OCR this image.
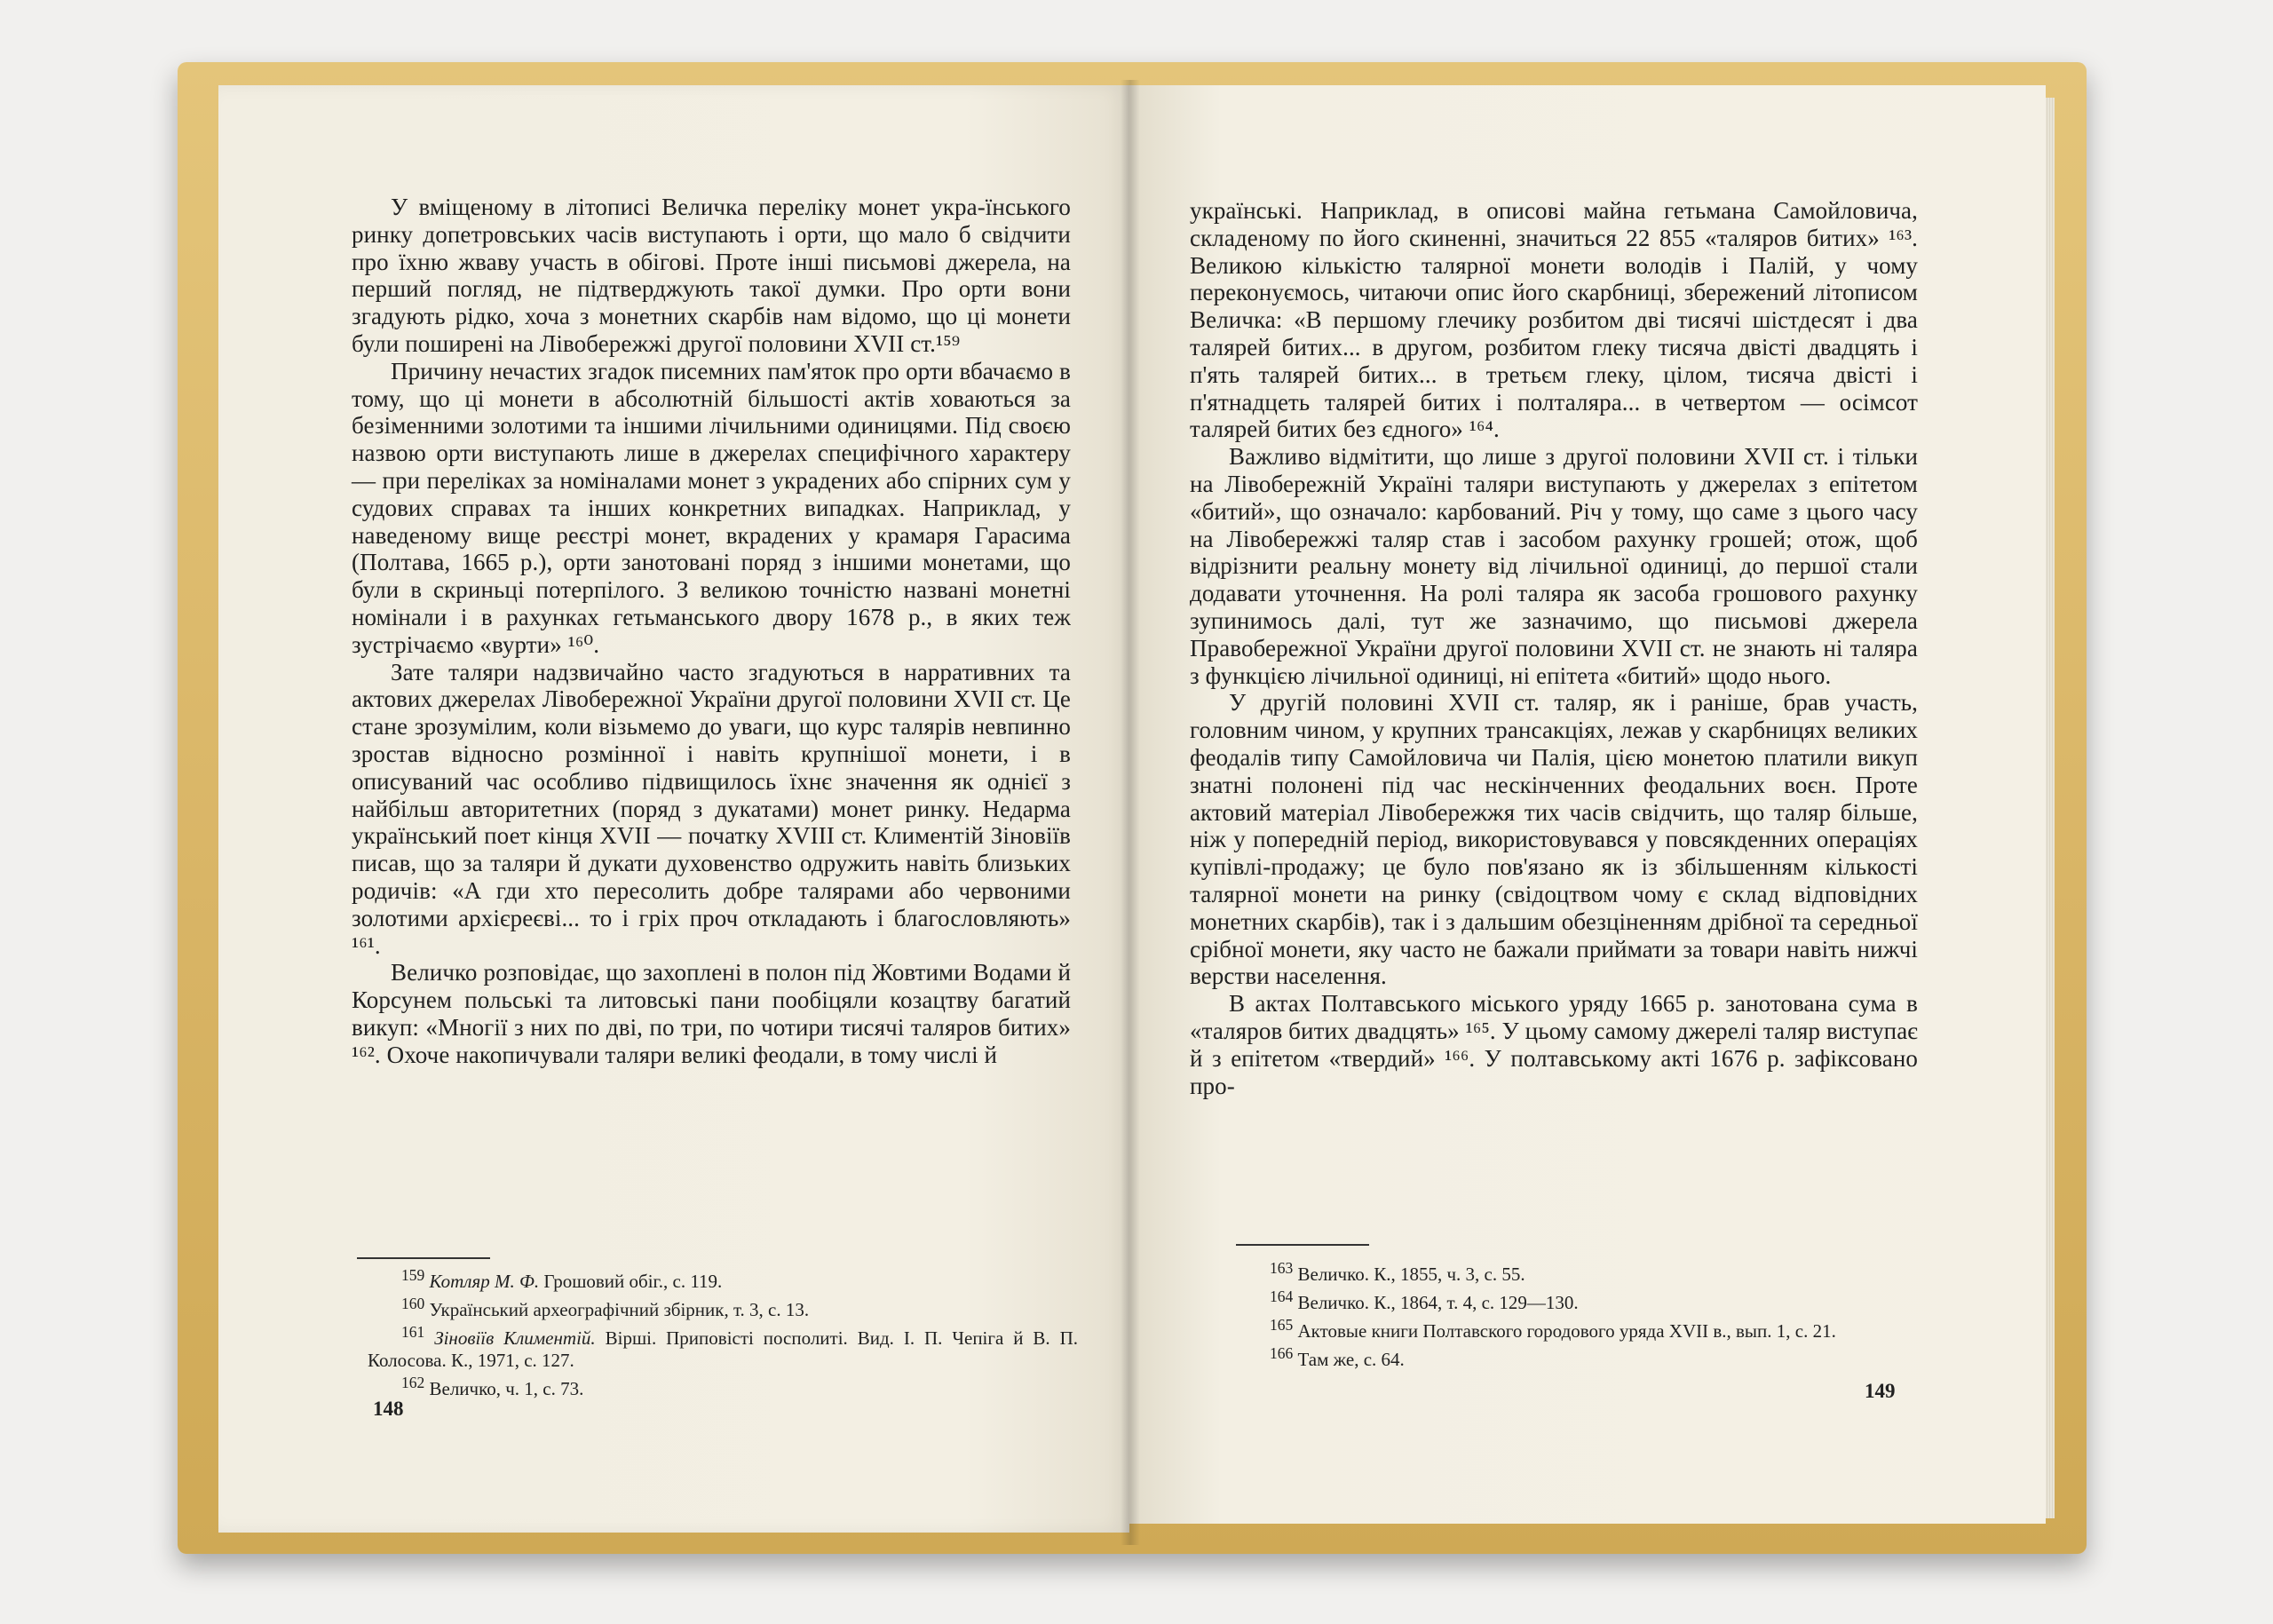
У вміщеному в літописі Величка переліку монет укра-їнського ринку допетровських часів виступають і орти, що мало б свідчити про їхню жваву участь в обігові. Проте інші письмові джерела, на перший погляд, не підтверджують такої думки. Про орти вони згадують рідко, хоча з монетних скарбів нам відомо, що ці монети були поширені на Лівобережжі другої половини XVII ст.¹⁵⁹

Причину нечастих згадок писемних пам'яток про орти вбачаємо в тому, що ці монети в абсолютній більшості актів ховаються за безіменними золотими та іншими лічильними одиницями. Під своєю назвою орти виступають лише в джерелах специфічного характеру — при переліках за номіналами монет з украдених або спірних сум у судових справах та інших конкретних випадках. Наприклад, у наведеному вище реєстрі монет, вкрадених у крамаря Гарасима (Полтава, 1665 р.), орти занотовані поряд з іншими монетами, що були в скриньці потерпілого. З великою точністю названі монетні номінали і в рахунках гетьманського двору 1678 р., в яких теж зустрічаємо «вурти» ¹⁶⁰.

Зате таляри надзвичайно часто згадуються в нарративних та актових джерелах Лівобережної України другої половини XVII ст. Це стане зрозумілим, коли візьмемо до уваги, що курс талярів невпинно зростав відносно розмінної і навіть крупнішої монети, і в описуваний час особливо підвищилось їхнє значення як однієї з найбільш авторитетних (поряд з дукатами) монет ринку. Недарма український поет кінця XVII — початку XVIII ст. Климентій Зіновіїв писав, що за таляри й дукати духовенство одружить навіть близьких родичів: «А гди хто пересолить добре талярами або червоними золотими архієреєві... то і гріх проч откладають і благословляють» ¹⁶¹.

Величко розповідає, що захоплені в полон під Жовтими Водами й Корсунем польські та литовські пани пообіцяли козацтву багатий викуп: «Многії з них по дві, по три, по чотири тисячі таляров битих» ¹⁶². Охоче накопичували таляри великі феодали, в тому числі й

$^{159}$ Котляр М. Ф. Грошовий обіг., с. 119.

$^{160}$ Український археографічний збірник, т. 3, с. 13.

$^{161}$ Зіновіїв Климентій. Вірші. Приповісті посполиті. Вид. І. П. Чепіга й В. П. Колосова. К., 1971, с. 127.

$^{162}$ Величко, ч. 1, с. 73.

148

українські. Наприклад, в описові майна гетьмана Самойловича, складеному по його скиненні, значиться 22 855 «таляров битих» ¹⁶³. Великою кількістю талярної монети володів і Палій, у чому переконуємось, читаючи опис його скарбниці, збережений літописом Величка: «В першому глечику розбитом дві тисячі шістдесят і два талярей битих... в другом, розбитом глеку тисяча двісті двадцять і п'ять талярей битих... в третьєм глеку, цілом, тисяча двісті і п'ятнадцеть талярей битих і полталяра... в четвертом — осімсот талярей битих без єдного» ¹⁶⁴.

Важливо відмітити, що лише з другої половини XVII ст. і тільки на Лівобережній Україні таляри виступають у джерелах з епітетом «битий», що означало: карбований. Річ у тому, що саме з цього часу на Лівобережжі таляр став і засобом рахунку грошей; отож, щоб відрізнити реальну монету від лічильної одиниці, до першої стали додавати уточнення. На ролі таляра як засоба грошового рахунку зупинимось далі, тут же зазначимо, що письмові джерела Правобережної України другої половини XVII ст. не знають ні таляра з функцією лічильної одиниці, ні епітета «битий» щодо нього.

У другій половині XVII ст. таляр, як і раніше, брав участь, головним чином, у крупних трансакціях, лежав у скарбницях великих феодалів типу Самойловича чи Палія, цією монетою платили викуп знатні полонені під час нескінченних феодальних воєн. Проте актовий матеріал Лівобережжя тих часів свідчить, що таляр більше, ніж у попередній період, використовувався у повсякденних операціях купівлі-продажу; це було пов'язано як із збільшенням кількості талярної монети на ринку (свідоцтвом чому є склад відповідних монетних скарбів), так і з дальшим обезціненням дрібної та середньої срібної монети, яку часто не бажали приймати за товари навіть нижчі верстви населення.

В актах Полтавського міського уряду 1665 р. занотована сума в «таляров битих двадцять» ¹⁶⁵. У цьому самому джерелі таляр виступає й з епітетом «твердий» ¹⁶⁶. У полтавському акті 1676 р. зафіксовано про-

$^{163}$ Величко. К., 1855, ч. 3, с. 55.

$^{164}$ Величко. К., 1864, т. 4, с. 129—130.

$^{165}$ Актовые книги Полтавского городового уряда XVII в., вып. 1, с. 21.

$^{166}$ Там же, с. 64.

149
